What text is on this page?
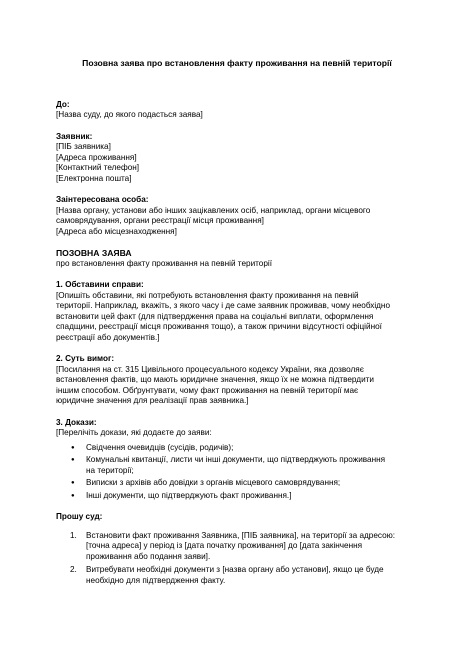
Позовна заява про встановлення факту проживання на певній території
До:
[Назва суду, до якого подасться заява]
Заявник:
[ПІБ заявника]
[Адреса проживання]
[Контактний телефон]
[Електронна пошта]
Заінтересована особа:
[Назва органу, установи або інших зацікавлених осіб, наприклад, органи місцевого
самоврядування, органи реєстрації місця проживання]
[Адреса або місцезнаходження]
ПОЗОВНА ЗАЯВА
про встановлення факту проживання на певній території
1. Обставини справи:
[Опишіть обставини, які потребують встановлення факту проживання на певній
території. Наприклад, вкажіть, з якого часу і де саме заявник проживав, чому необхідно
встановити цей факт (для підтвердження права на соціальні виплати, оформлення
спадщини, реєстрації місця проживання тощо), а також причини відсутності офіційної
реєстрації або документів.]
2. Суть вимог:
[Посилання на ст. 315 Цивільного процесуального кодексу України, яка дозволяє
встановлення фактів, що мають юридичне значення, якщо їх не можна підтвердити
іншим способом. Обґрунтувати, чому факт проживання на певній території має
юридичне значення для реалізації прав заявника.]
3. Докази:
[Перелічіть докази, які додаєте до заяви:
● Свідчення очевидців (сусідів, родичів);
● Комунальні квитанції, листи чи інші документи, що підтверджують проживання
на території;
● Виписки з архівів або довідки з органів місцевого самоврядування;
● Інші документи, що підтверджують факт проживання.]
Прошу суд:
1. Встановити факт проживання Заявника, [ПІБ заявника], на території за адресою:
[точна адреса] у період із [дата початку проживання] до [дата закінчення
проживання або подання заяви].
2. Витребувати необхідні документи з [назва органу або установи], якщо це буде
необхідно для підтвердження факту.
